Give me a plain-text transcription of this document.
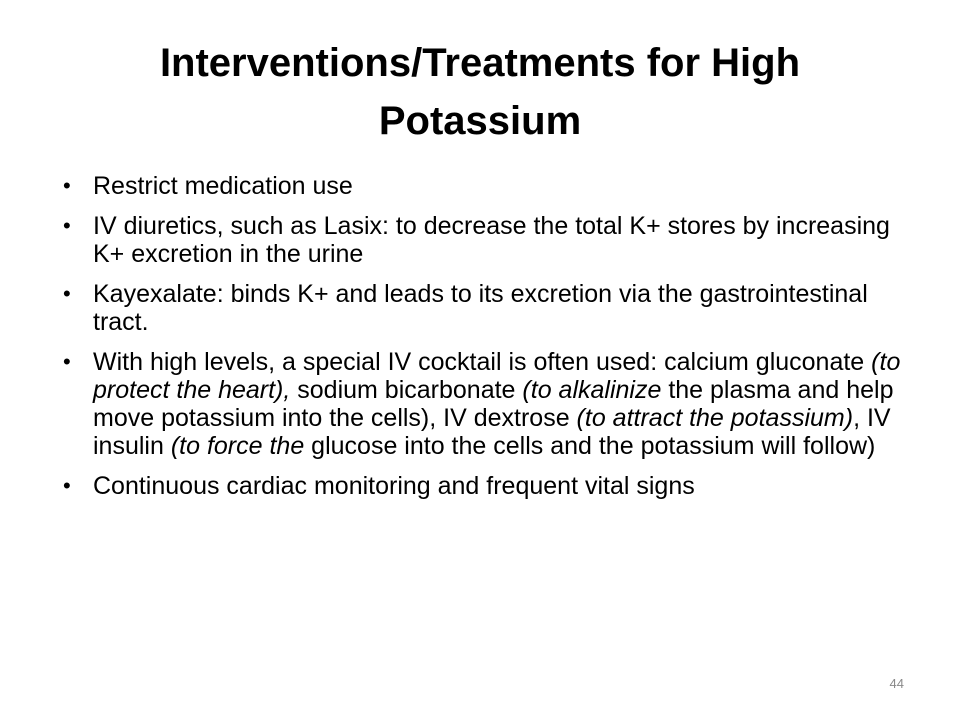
Interventions/Treatments for High Potassium
• Restrict medication use
• IV diuretics, such as Lasix: to decrease the total K+ stores by increasing K+ excretion in the urine
• Kayexalate: binds K+ and leads to its excretion via the gastrointestinal tract.
• With high levels, a special IV cocktail is often used: calcium gluconate (to protect the heart), sodium bicarbonate (to alkalinize the plasma and help move potassium into the cells), IV dextrose (to attract the potassium), IV insulin (to force the glucose into the cells and the potassium will follow)
• Continuous cardiac monitoring and frequent vital signs
44
